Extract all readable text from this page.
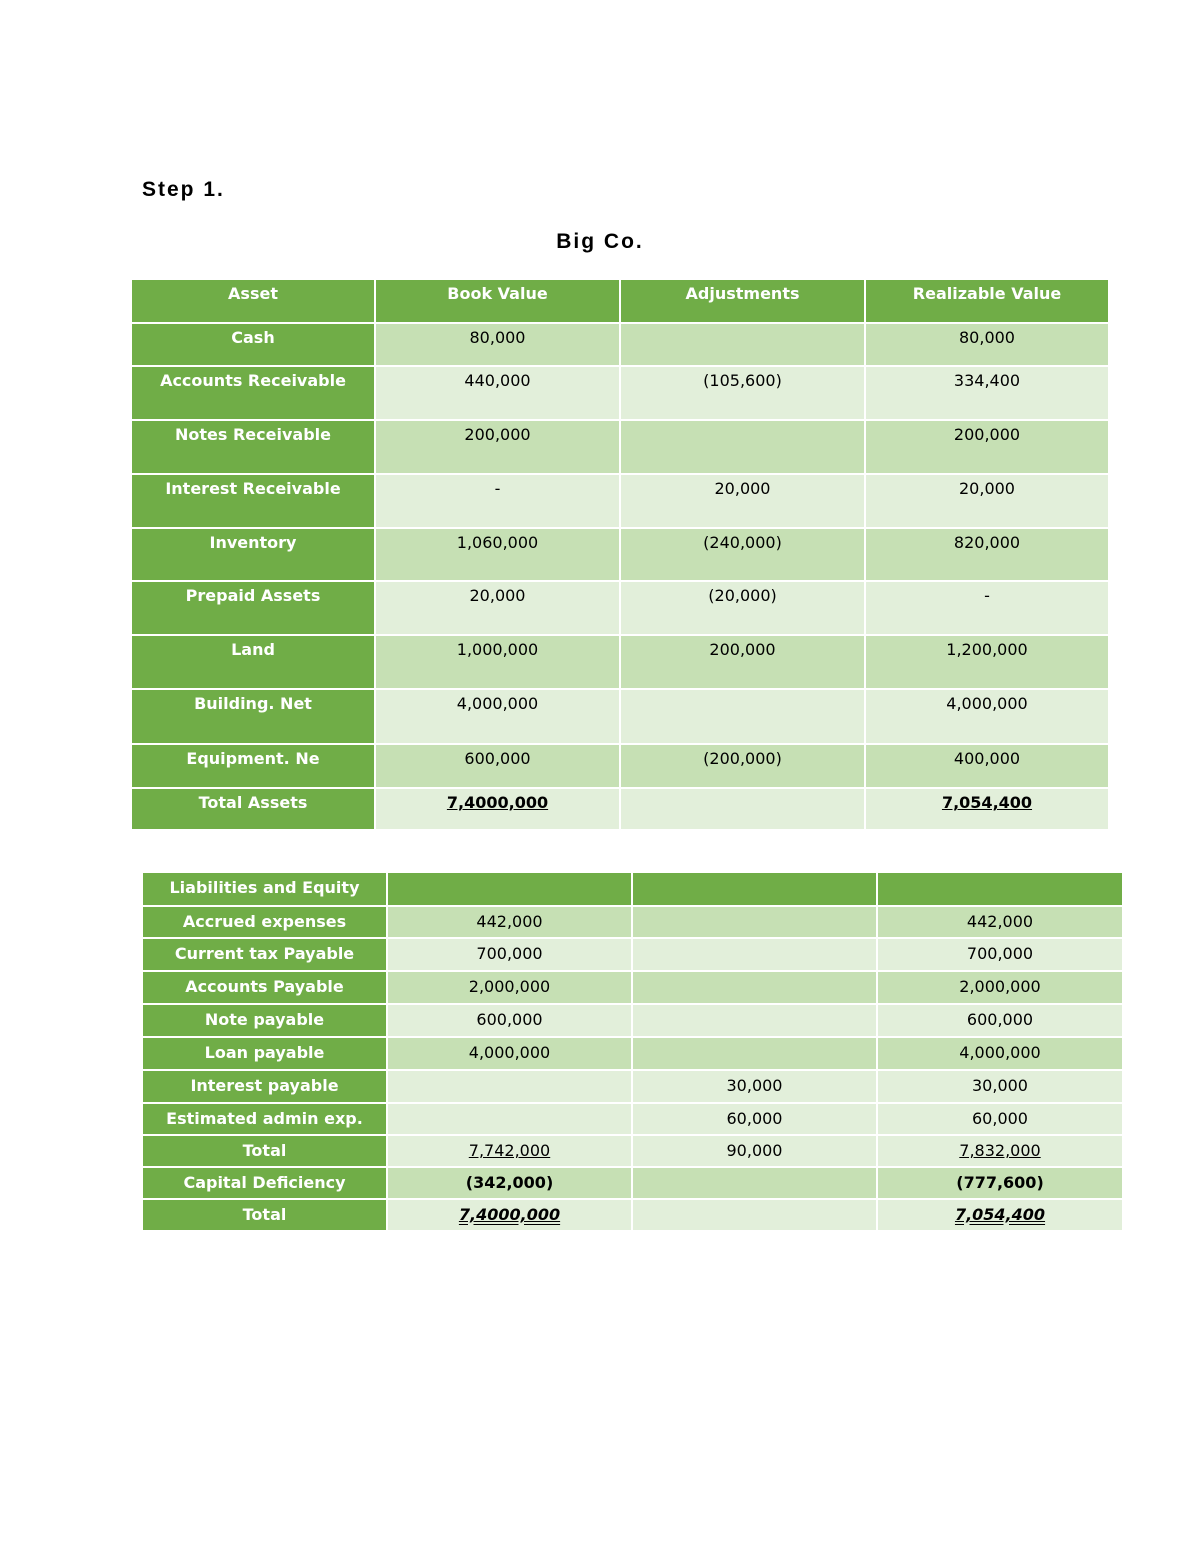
Step 1.
Big Co.
Asset	Book Value	Adjustments	Realizable Value
Cash	80,000		80,000
Accounts Receivable	440,000	(105,600)	334,400
Notes Receivable	200,000		200,000
Interest Receivable	-	20,000	20,000
Inventory	1,060,000	(240,000)	820,000
Prepaid Assets	20,000	(20,000)	-
Land	1,000,000	200,000	1,200,000
Building. Net	4,000,000		4,000,000
Equipment. Ne	600,000	(200,000)	400,000
Total Assets	7,4000,000		7,054,400
Liabilities and Equity			
Accrued expenses	442,000		442,000
Current tax Payable	700,000		700,000
Accounts Payable	2,000,000		2,000,000
Note payable	600,000		600,000
Loan payable	4,000,000		4,000,000
Interest payable		30,000	30,000
Estimated admin exp.		60,000	60,000
Total	7,742,000	90,000	7,832,000
Capital Deficiency	(342,000)		(777,600)
Total	7,4000,000		7,054,400
